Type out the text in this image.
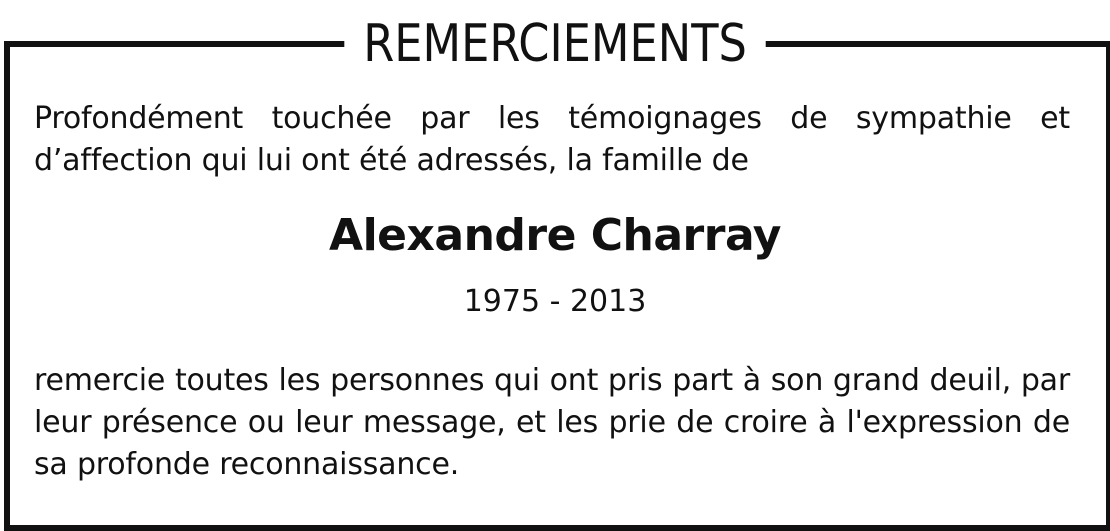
REMERCIEMENTS
Profondément touchée par les témoignages de sympathie et
d’affection qui lui ont été adressés, la famille de
Alexandre Charray
1975 - 2013
remercie toutes les personnes qui ont pris part à son grand deuil, par
leur présence ou leur message, et les prie de croire à l'expression de
sa profonde reconnaissance.
